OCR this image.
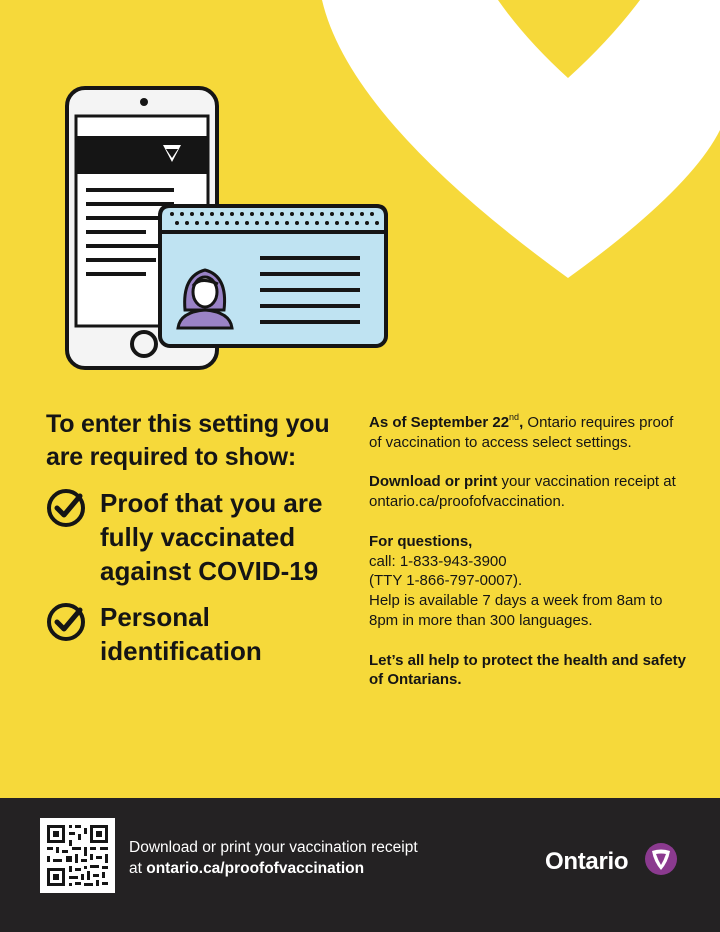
To enter this setting you are required to show:
Proof that you are fully vaccinated against COVID-19
Personal identification

As of September 22nd, Ontario requires proof of vaccination to access select settings.

Download or print your vaccination receipt at ontario.ca/proofofvaccination.

For questions,
call: 1-833-943-3900
(TTY 1-866-797-0007).
Help is available 7 days a week from 8am to 8pm in more than 300 languages.

Let’s all help to protect the health and safety of Ontarians.

Download or print your vaccination receipt
at ontario.ca/proofofvaccination	Ontario
